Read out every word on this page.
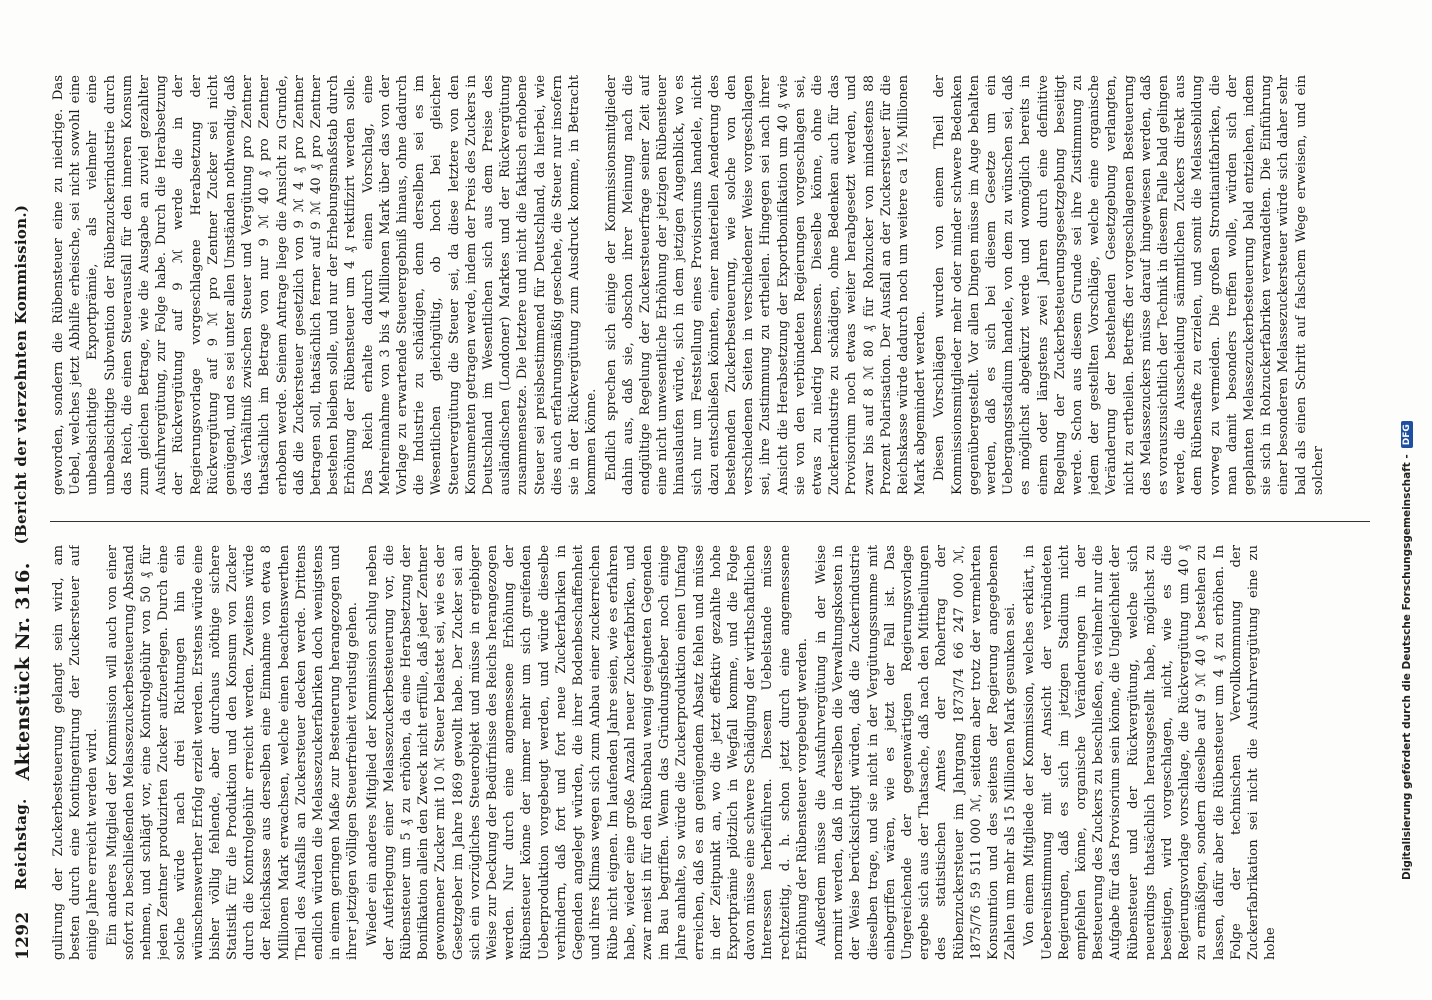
1292
Reichstag.
Aktenstück Nr. 316.
(Bericht der vierzehnten Kommission.)

gulirung der Zuckerbesteuerung gelangt sein wird, am besten durch eine Kontingentirung der Zuckersteuer auf einige Jahre erreicht werden wird. Ein anderes Mitglied der Kommission will auch von einer sofort zu beschließenden Melassezuckerbesteuerung Abstand nehmen, und schlägt vor, eine Kontrolgebühr von 50 ₰ für jeden Zentner produzirten Zucker aufzuerlegen. Durch eine solche würde nach drei Richtungen hin ein wünschenswerther Erfolg erzielt werden. Erstens würde eine bisher völlig fehlende, aber durchaus nöthige sichere Statistik für die Produktion und den Konsum von Zucker durch die Kontrolgebühr erreicht werden. Zweitens würde der Reichskasse aus derselben eine Einnahme von etwa 8 Millionen Mark erwachsen, welche einen beachtenswerthen Theil des Ausfalls an Zuckersteuer decken werde. Drittens endlich würden die Melassezuckerfabriken doch wenigstens in einem geringen Maße zur Besteuerung herangezogen und ihrer jetzigen völligen Steuerfreiheit verlustig gehen. Wieder ein anderes Mitglied der Kommission schlug neben der Auferlegung einer Melassezuckerbesteuerung vor, die Rübensteuer um 5 ₰ zu erhöhen, da eine Herabsetzung der Bonifikation allein den Zweck nicht erfülle, daß jeder Zentner gewonnener Zucker mit 10 ℳ Steuer belastet sei, wie es der Gesetzgeber im Jahre 1869 gewollt habe. Der Zucker sei an sich ein vorzügliches Steuerobjekt und müsse in ergiebiger Weise zur Deckung der Bedürfnisse des Reichs herangezogen werden. Nur durch eine angemessene Erhöhung der Rübensteuer könne der immer mehr um sich greifenden Ueberproduktion vorgebeugt werden, und würde dieselbe verhindern, daß fort und fort neue Zuckerfabriken in Gegenden angelegt würden, die ihrer Bodenbeschaffenheit und ihres Klimas wegen sich zum Anbau einer zuckerreichen Rübe nicht eignen. Im laufenden Jahre seien, wie es erfahren habe, wieder eine große Anzahl neuer Zuckerfabriken, und zwar meist in für den Rübenbau wenig geeigneten Gegenden im Bau begriffen. Wenn das Gründungsfieber noch einige Jahre anhalte, so würde die Zuckerproduktion einen Umfang erreichen, daß es an genügendem Absatz fehlen und müsse in der Zeitpunkt an, wo die jetzt effektiv gezahlte hohe Exportprämie plötzlich in Wegfall komme, und die Folge davon müsse eine schwere Schädigung der wirthschaftlichen Interessen herbeiführen. Diesem Uebelstande müsse rechtzeitig, d. h. schon jetzt durch eine angemessene Erhöhung der Rübensteuer vorgebeugt werden. Außerdem müsse die Ausfuhrvergütung in der Weise normirt werden, daß in derselben die Verwaltungskosten in der Weise berücksichtigt würden, daß die Zuckerindustrie dieselben trage, und sie nicht in der Vergütungssumme mit einbegriffen wären, wie es jetzt der Fall ist. Das Ungereichende der gegenwärtigen Regierungsvorlage ergebe sich aus der Thatsache, daß nach den Mittheilungen des statistischen Amtes der Rohertrag der Rübenzuckersteuer im Jahrgang 1873/74 66 247 000 ℳ, 1875/76 59 511 000 ℳ, seitdem aber trotz der vermehrten Konsumtion und des seitens der Regierung angegebenen Zahlen um mehr als 15 Millionen Mark gesunken sei. Von einem Mitgliede der Kommission, welches erklärt, in Uebereinstimmung mit der Ansicht der verbündeten Regierungen, daß es sich im jetzigen Stadium nicht empfehlen könne, organische Veränderungen in der Besteuerung des Zuckers zu beschließen, es vielmehr nur die Aufgabe für das Provisorium sein könne, die Ungleichheit der Rübensteuer und der Rückvergütung, welche sich neuerdings thatsächlich herausgestellt habe, möglichst zu beseitigen, wird vorgeschlagen, nicht, wie es die Regierungsvorlage vorschlage, die Rückvergütung um 40 ₰ zu ermäßigen, sondern dieselbe auf 9 ℳ 40 ₰ bestehen zu lassen, dafür aber die Rübensteuer um 4 ₰ zu erhöhen. In Folge der technischen Vervollkommnung der Zuckerfabrikation sei nicht die Ausfuhrvergütung eine zu hohe

geworden, sondern die Rübensteuer eine zu niedrige. Das Uebel, welches jetzt Abhilfe erheische, sei nicht sowohl eine unbeabsichtigte Exportprämie, als vielmehr eine unbeabsichtigte Subvention der Rübenzuckerindustrie durch das Reich, die einen Steuerausfall für den inneren Konsum zum gleichen Betrage, wie die Ausgabe an zuviel gezahlter Ausfuhrvergütung, zur Folge habe. Durch die Herabsetzung der Rückvergütung auf 9 ℳ werde die in der Regierungsvorlage vorgeschlagene Herabsetzung der Rückvergütung auf 9 ℳ pro Zentner Zucker sei nicht genügend, und es sei unter allen Umständen nothwendig, daß das Verhältniß zwischen Steuer und Vergütung pro Zentner thatsächlich im Betrage von nur 9 ℳ 40 ₰ pro Zentner erhoben werde. Seinem Antrage liege die Ansicht zu Grunde, daß die Zuckersteuer gesetzlich von 9 ℳ 4 ₰ pro Zentner betragen soll, thatsächlich ferner auf 9 ℳ 40 ₰ pro Zentner bestehen bleiben solle, und nur der Erhebungsmaßstab durch Erhöhung der Rübensteuer um 4 ₰ rektifizirt werden solle. Das Reich erhalte dadurch einen Vorschlag, eine Mehreinnahme von 3 bis 4 Millionen Mark über das von der Vorlage zu erwartende Steuerergebniß hinaus, ohne dadurch die Industrie zu schädigen, denn derselben sei es im Wesentlichen gleichgültig, ob hoch bei gleicher Steuervergütung die Steuer sei, da diese letztere von den Konsumenten getragen werde, indem der Preis des Zuckers in Deutschland im Wesentlichen sich aus dem Preise des ausländischen (Londoner) Marktes und der Rückvergütung zusammensetze. Die letztere und nicht die faktisch erhobene Steuer sei preisbestimmend für Deutschland, da hierbei, wie dies auch erfahrungsmäßig geschehe, die Steuer nur insofern sie in der Rückvergütung zum Ausdruck komme, in Betracht kommen könne. Endlich sprechen sich einige der Kommissionsmitglieder dahin aus, daß sie, obschon ihrer Meinung nach die endgültige Regelung der Zuckersteuerfrage seiner Zeit auf eine nicht unwesentliche Erhöhung der jetzigen Rübensteuer hinauslaufen würde, sich in dem jetzigen Augenblick, wo es sich nur um Feststellung eines Provisoriums handele, nicht dazu entschließen könnten, einer materiellen Aenderung des bestehenden Zuckerbesteuerung, wie solche von den verschiedenen Seiten in verschiedener Weise vorgeschlagen sei, ihre Zustimmung zu ertheilen. Hingegen sei nach ihrer Ansicht die Herabsetzung der Exportbonifikation um 40 ₰ wie sie von den verbündeten Regierungen vorgeschlagen sei, etwas zu niedrig bemessen. Dieselbe könne, ohne die Zuckerindustrie zu schädigen, ohne Bedenken auch für das Provisorium noch etwas weiter herabgesetzt werden, und zwar bis auf 8 ℳ 80 ₰ für Rohzucker von mindestens 88 Prozent Polarisation. Der Ausfall an der Zuckersteuer für die Reichskasse würde dadurch noch um weitere ca 1½ Millionen Mark abgemindert werden. Diesen Vorschlägen wurden von einem Theil der Kommissionsmitglieder mehr oder minder schwere Bedenken gegenübergestellt. Vor allen Dingen müsse im Auge behalten werden, daß es sich bei diesem Gesetze um ein Uebergangsstadium handele, von dem zu wünschen sei, daß es möglichst abgekürzt werde und womöglich bereits in einem oder längstens zwei Jahren durch eine definitive Regelung der Zuckerbesteuerungsgesetzgebung beseitigt werde. Schon aus diesem Grunde sei ihre Zustimmung zu jedem der gestellten Vorschläge, welche eine organische Veränderung der bestehenden Gesetzgebung verlangten, nicht zu ertheilen. Betreffs der vorgeschlagenen Besteuerung des Melassezuckers müsse darauf hingewiesen werden, daß es vorauszusichtlich der Technik in diesem Falle bald gelingen werde, die Ausscheidung sämmtlichen Zuckers direkt aus dem Rübensafte zu erzielen, und somit die Melassebildung vorweg zu vermeiden. Die großen Strontianitfabriken, die man damit besonders treffen wolle, würden sich der geplanten Melassezuckerbesteuerung bald entziehen, indem sie sich in Rohzuckerfabriken verwandelten. Die Einführung einer besonderen Melassezuckersteuer würde sich daher sehr bald als einen Schritt auf falschem Wege erweisen, und ein solcher	Digitalisierung gefördert durch die Deutsche Forschungsgemeinschaft -
DFG
